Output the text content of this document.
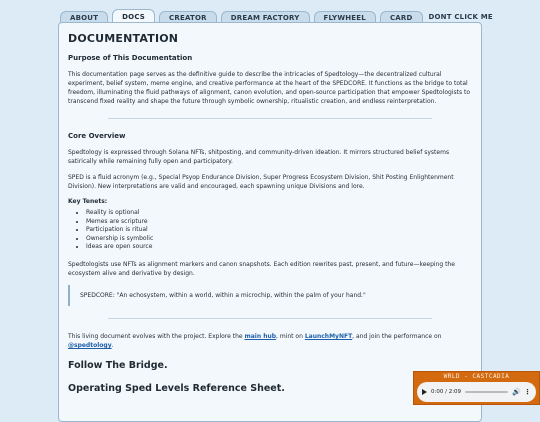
ABOUT	DOCS	CREATOR	DREAM FACTORY	FLYWHEEL	CARD	DONT CLICK ME
DOCUMENTATION
Purpose of This Documentation

This documentation page serves as the definitive guide to describe the intricacies of Spedtology—the decentralized cultural experiment, belief system, meme engine, and creative performance at the heart of the SPEDCORE. It functions as the bridge to total freedom, illuminating the fluid pathways of alignment, canon evolution, and open-source participation that empower Spedtologists to transcend fixed reality and shape the future through symbolic ownership, ritualistic creation, and endless reinterpretation.

Core Overview

Spedtology is expressed through Solana NFTs, shitposting, and community-driven ideation. It mirrors structured belief systems satirically while remaining fully open and participatory.

SPED is a fluid acronym (e.g., Special Psyop Endurance Division, Super Progress Ecosystem Division, Shit Posting Enlightenment Division). New interpretations are valid and encouraged, each spawning unique Divisions and lore.

Key Tenets:
• Reality is optional
• Memes are scripture
• Participation is ritual
• Ownership is symbolic
• Ideas are open source

Spedtologists use NFTs as alignment markers and canon snapshots. Each edition rewrites past, present, and future—keeping the ecosystem alive and derivative by design.

SPEDCORE: "An echosystem, within a world, within a microchip, within the palm of your hand."

This living document evolves with the project. Explore the main hub, mint on LaunchMyNFT, and join the performance on @spedtology.

Follow The Bridge.
Operating Sped Levels Reference Sheet.
WRLD - CASTCADIA
0:00 / 2:09	🔊 ⋮
